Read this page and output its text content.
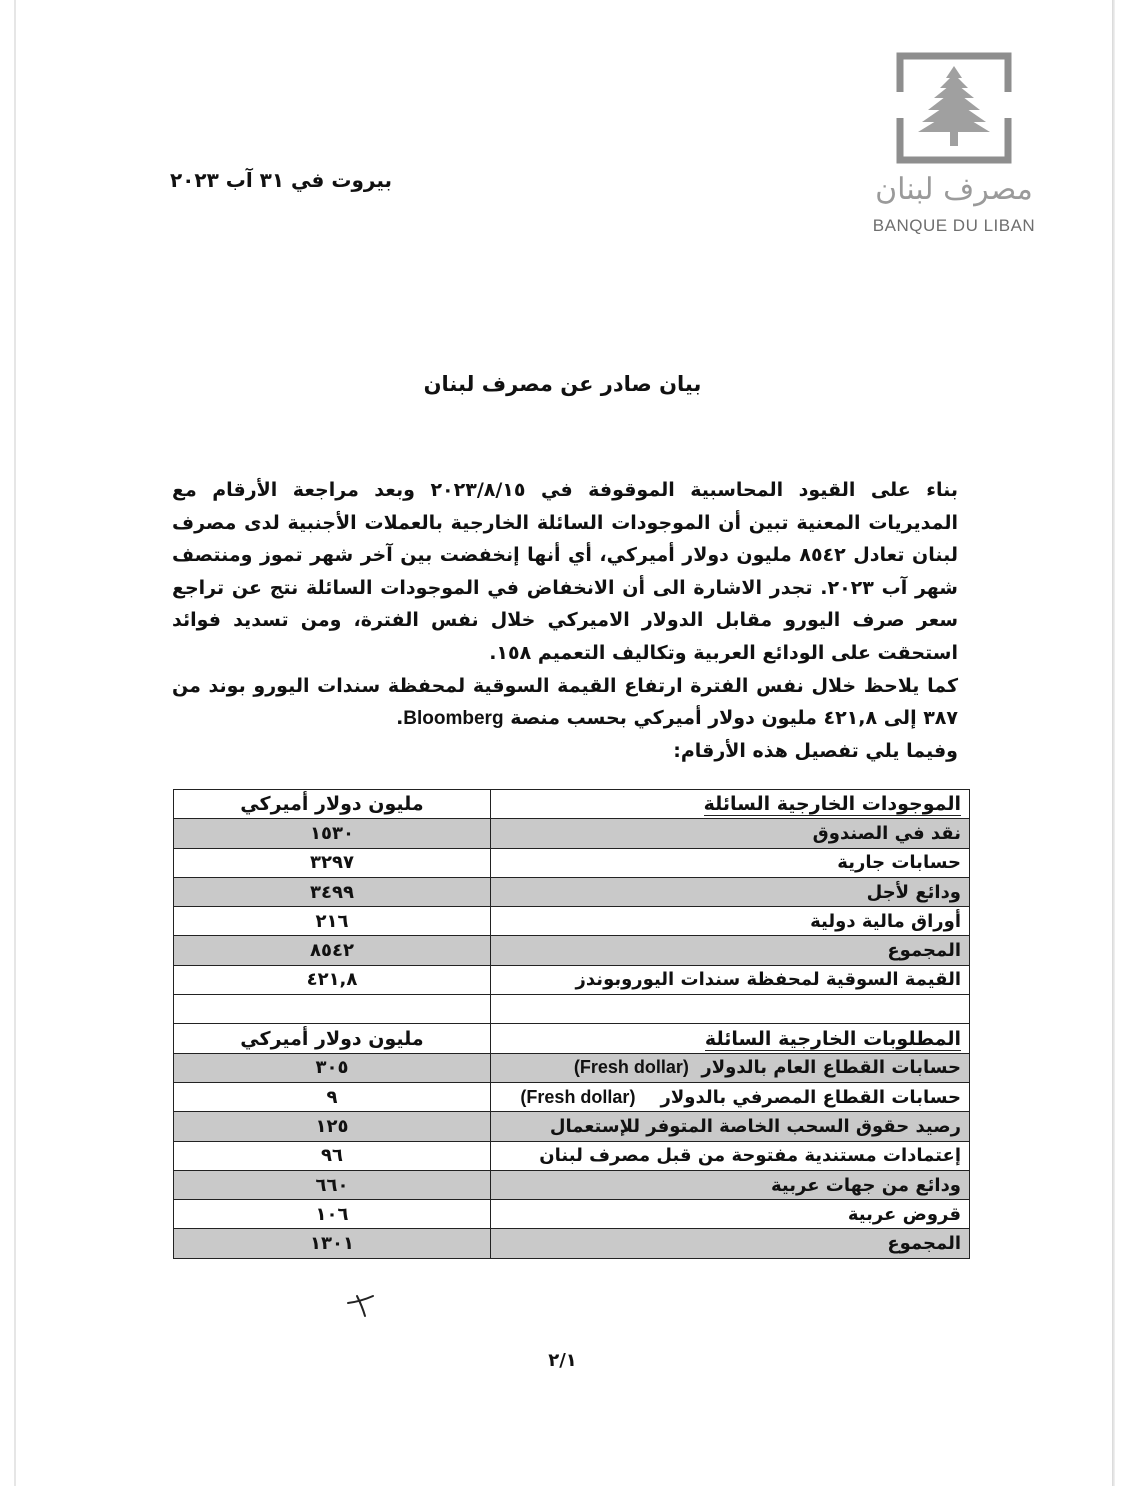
مصرف لبنان
BANQUE DU LIBAN
بيروت في ٣١ آب ٢٠٢٣
بيان صادر عن مصرف لبنان

بناء على القيود المحاسبية الموقوفة في ٢٠٢٣/٨/١٥ وبعد مراجعة الأرقام مع المديريات المعنية تبين أن الموجودات السائلة الخارجية بالعملات الأجنبية لدى مصرف لبنان تعادل ٨٥٤٢ مليون دولار أميركي، أي أنها إنخفضت بين آخر شهر تموز ومنتصف شهر آب ٢٠٢٣. تجدر الاشارة الى أن الانخفاض في الموجودات السائلة نتج عن تراجع سعر صرف اليورو مقابل الدولار الاميركي خلال نفس الفترة، ومن تسديد فوائد استحقت على الودائع العربية وتكاليف التعميم ١٥٨.

كما يلاحظ خلال نفس الفترة ارتفاع القيمة السوقية لمحفظة سندات اليورو بوند من ٣٨٧ إلى ٤٢١,٨ مليون دولار أميركي بحسب منصة Bloomberg.

وفيما يلي تفصيل هذه الأرقام:
الموجودات الخارجية السائلة	مليون دولار أميركي
نقد في الصندوق	١٥٣٠
حسابات جارية	٣٢٩٧
ودائع لأجل	٣٤٩٩
أوراق مالية دولية	٢١٦
المجموع	٨٥٤٢
القيمة السوقية لمحفظة سندات اليوروبوندز	٤٢١,٨

المطلوبات الخارجية السائلة	مليون دولار أميركي
حسابات القطاع العام بالدولار  (Fresh dollar)	٣٠٥
حسابات القطاع المصرفي بالدولار    (Fresh dollar)	٩
رصيد حقوق السحب الخاصة المتوفر للإستعمال	١٢٥
إعتمادات مستندية مفتوحة من قبل مصرف لبنان	٩٦
ودائع من جهات عربية	٦٦٠
قروض عربية	١٠٦
المجموع	١٣٠١
٢/١
